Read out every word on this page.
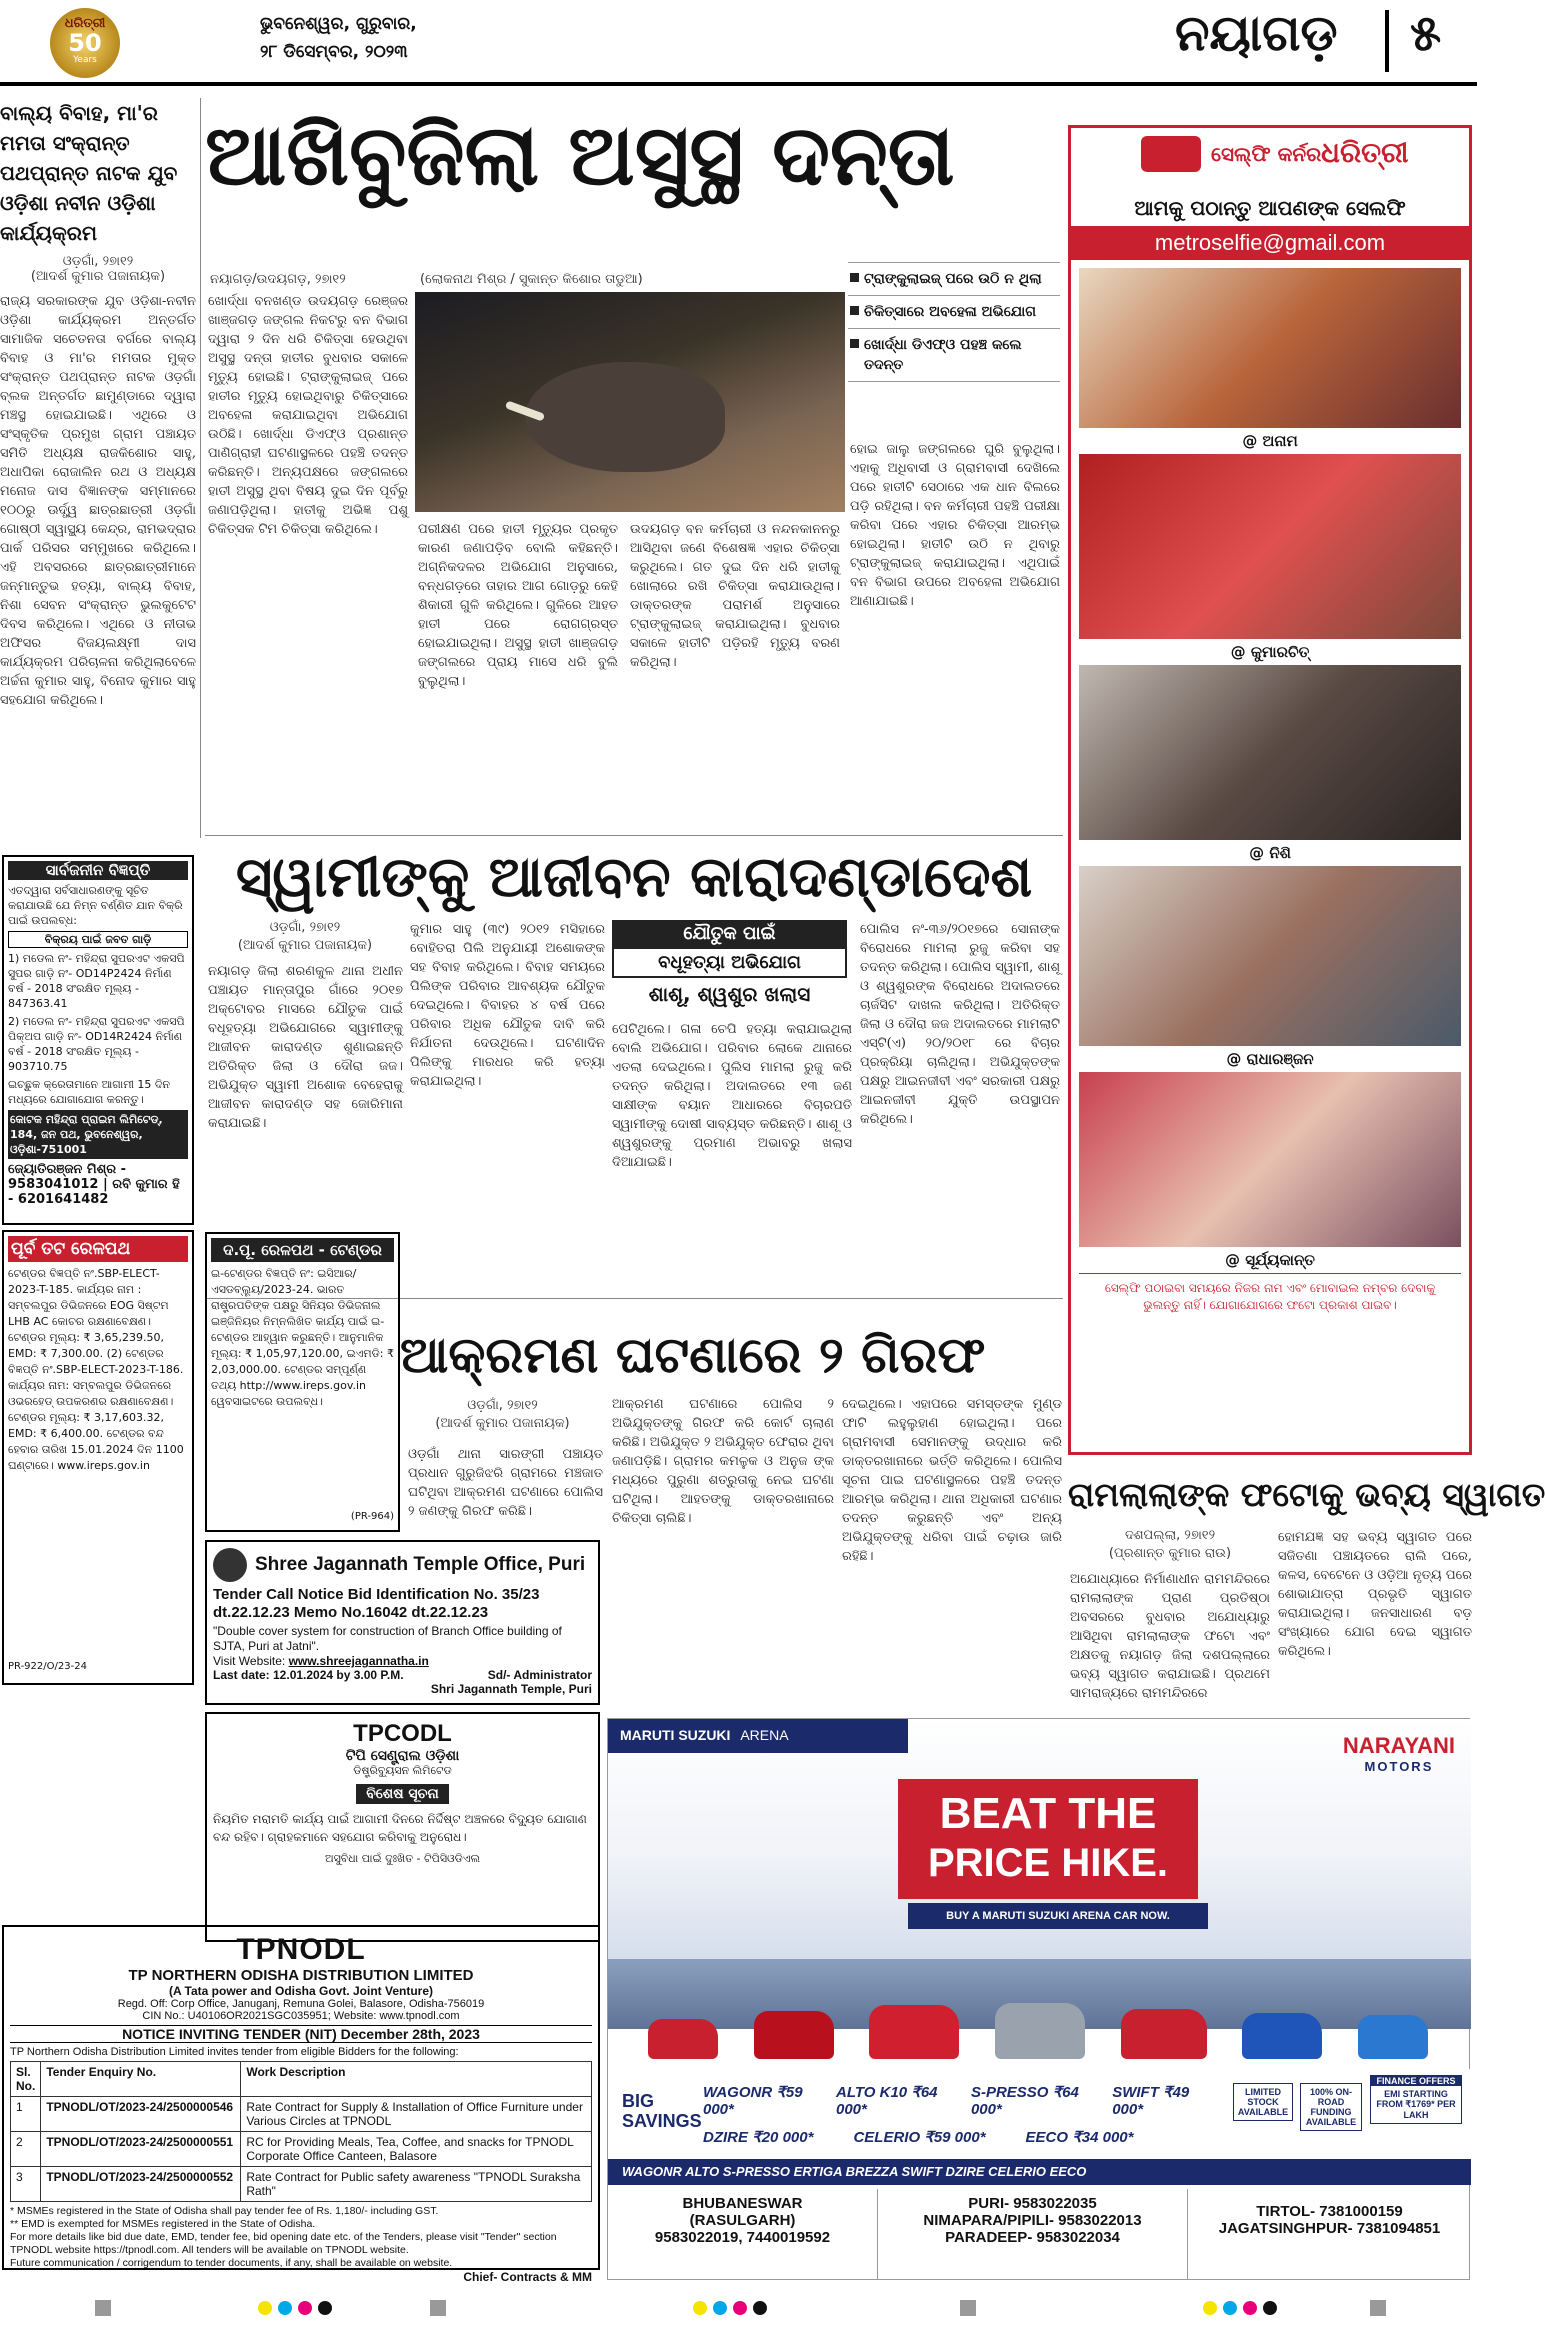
ଧରିତ୍ରୀ
50
Years
ଭୁବନେଶ୍ୱର, ଗୁରୁବାର,
୨୮ ଡିସେମ୍ବର, ୨୦୨୩	ନୟାଗଡ଼ ୫
ବାଲ୍ୟ ବିବାହ, ମା'ର ମମତା ସଂକ୍ରାନ୍ତ ପଥପ୍ରାନ୍ତ ନାଟକ ଯୁବ ଓଡ଼ିଶା ନବୀନ ଓଡ଼ିଶା କାର୍ଯ୍ୟକ୍ରମ
ଓଡ଼ଗାଁ, ୨୭ା୧୨
(ଆଦର୍ଶ କୁମାର ପଜାନାୟକ)
ରାଜ୍ୟ ସରକାରଙ୍କ ଯୁବ ଓଡ଼ିଶା-ନବୀନ ଓଡ଼ିଶା କାର୍ଯ୍ୟକ୍ରମ ଅନ୍ତର୍ଗତ ସାମାଜିକ ସଚେତନତା ବର୍ଗରେ ବାଲ୍ୟ ବିବାହ ଓ ମା'ର ମମତାର ମୁକ୍ତ ସଂକ୍ରାନ୍ତ ପଥପ୍ରାନ୍ତ ନାଟକ ଓଡ଼ଗାଁ ବ୍ଲକ ଅନ୍ତର୍ଗତ ଛାମୁଣ୍ଡାରେ ଦ୍ୱାରା ମଞ୍ଚସ୍ଥ ହୋଇଯାଇଛି। ଏଥିରେ ଓ ସଂସ୍କୃତିକ ପ୍ରମୁଖ ଗ୍ରାମ ପଞ୍ଚାୟତ ସମିତି ଅଧ୍ୟକ୍ଷ ରାଜକିଶୋର ସାହୁ, ଅଧାପିକା ରୋଜାଲିନ ରଥ ଓ ଅଧ୍ୟକ୍ଷ ମନୋଜ ଦାସ ବିଜ୍ଞାନଙ୍କ ସମ୍ମାନରେ ୧୦୦ରୁ ଊର୍ଦ୍ଧ୍ୱ ଛାତ୍ରଛାତ୍ରୀ ଓଡ଼ଗାଁ ଗୋଷ୍ଠୀ ସ୍ୱାସ୍ଥ୍ୟ କେନ୍ଦ୍ର, ରାମଭଦ୍ରାର ପାର୍କ ପରିସର ସମ୍ମୁଖରେ କରିଥିଲେ। ଏହି ଅବସରରେ ଛାତ୍ରଛାତ୍ରୀମାନେ ଜନ୍ମାନ୍ତୁଭ ହତ୍ୟା, ବାଲ୍ୟ ବିବାହ, ନିଶା ସେବନ ସଂକ୍ରାନ୍ତ ଭୁଲକୁଟେଟ ଦିବସ କରିଥିଲେ। ଏଥିରେ ଓ ନୀତାଭ ଅଫିସର ବିଜୟଲକ୍ଷ୍ମୀ ଦାସ କାର୍ଯ୍ୟକ୍ରମ ପରିଚାଳନା କରିଥିଲାବେଳେ ଅର୍ଚ୍ଚନା କୁମାର ସାହୁ, ବିନୋଦ କୁମାର ସାହୁ ସହଯୋଗ କରିଥିଲେ।
ଆଖିବୁଜିଲା ଅସୁସ୍ଥ ଦନ୍ତା
ନୟାଗଡ଼/ଉଦୟଗଡ଼, ୨୭ା୧୨	(ଲୋକନାଥ ମିଶ୍ର / ସୁକାନ୍ତ କିଶୋର ତାଡୁଆ)	ଟ୍ରାଙ୍କୁଲାଇଜ୍ ପରେ ଉଠି ନ ଥିଲା
ଚିକିତ୍ସାରେ ଅବହେଳା ଅଭିଯୋଗ
ଖୋର୍ଦ୍ଧା ଡିଏଫ୍ଓ ପହଞ୍ଚ କଲେ ତଦନ୍ତ
ଖୋର୍ଦ୍ଧା ବନଖଣ୍ଡ ଉଦୟଗଡ଼ ରେଞ୍ଜର ଖାଞ୍ଜଗଡ଼ ଜଙ୍ଗଲ ନିକଟରୁ ବନ ବିଭାଗ ଦ୍ୱାରା ୨ ଦିନ ଧରି ଚିକିତ୍ସା ହେଉଥିବା ଅସୁସ୍ଥ ଦନ୍ତା ହାତୀର ବୁଧବାର ସକାଳେ ମୃତ୍ୟୁ ହୋଇଛି। ଟ୍ରାଙ୍କୁଲାଇଜ୍ ପରେ ହାତୀର ମୃତ୍ୟୁ ହୋଇଥିବାରୁ ଚିକିତ୍ସାରେ ଅବହେଳା କରାଯାଇଥିବା ଅଭିଯୋଗ ଉଠିଛି। ଖୋର୍ଦ୍ଧା ଡିଏଫ୍ଓ ପ୍ରଶାନ୍ତ ପାଣିଗ୍ରାହୀ ଘଟଣାସ୍ଥଳରେ ପହଞ୍ଚି ତଦନ୍ତ କରିଛନ୍ତି। ଅନ୍ୟପକ୍ଷରେ ଜଙ୍ଗଲରେ ହାତୀ ଅସୁସ୍ଥ ଥିବା ବିଷୟ ଦୁଇ ଦିନ ପୂର୍ବରୁ ଜଣାପଡ଼ିଥିଲା। ହାତୀକୁ ଅଭିଜ୍ଞ ପଶୁ ଚିକିତ୍ସକ ଟିମ ଚିକିତ୍ସା କରିଥିଲେ।	ପରୀକ୍ଷଣ ପରେ ହାତୀ ମୃତ୍ୟୁର ପ୍ରକୃତ କାରଣ ଜଣାପଡ଼ିବ ବୋଲି କହିଛନ୍ତି। ଅଗ୍ନିକଦଳର ଅଭିଯୋଗ ଅନୁସାରେ, ବନ୍ଧଗଡ଼ରେ ତାହାର ଆଗ ଗୋଡ଼ରୁ କେହି ଶିକାରୀ ଗୁଳି କରିଥିଲେ। ଗୁଳିରେ ଆହତ ହାତୀ ପରେ ରୋଗଗ୍ରସ୍ତ ହୋଇଯାଇଥିଲା। ଅସୁସ୍ଥ ହାତୀ ଖାଞ୍ଜଗଡ଼ ଜଙ୍ଗଲରେ ପ୍ରାୟ ମାସେ ଧରି ବୁଲି ବୁଲୁଥିଲା।
ଉଦୟଗଡ଼ ବନ କର୍ମଚାରୀ ଓ ନନ୍ଦନକାନନରୁ ଆସିଥିବା ଜଣେ ବିଶେଷଜ୍ଞ ଏହାର ଚିକିତ୍ସା କରୁଥିଲେ। ଗତ ଦୁଇ ଦିନ ଧରି ହାତୀକୁ ଖୋଲାରେ ରଖି ଚିକିତ୍ସା କରାଯାଉଥିଲା। ଡାକ୍ତରଙ୍କ ପରାମର୍ଶ ଅନୁସାରେ ଟ୍ରାଙ୍କୁଲାଇଜ୍ କରାଯାଇଥିଲା। ବୁଧବାର ସକାଳେ ହାତୀଟି ପଡ଼ିରହି ମୃତ୍ୟୁ ବରଣ କରିଥିଲା।
ହୋଇ ଜାଲୁ ଜଙ୍ଗଲରେ ଘୁରି ବୁଲୁଥିଲା। ଏହାକୁ ଅଧିବାସୀ ଓ ଗ୍ରାମବାସୀ ଦେଖିଲେ ପରେ ହାତୀଟି ସେଠାରେ ଏକ ଧାନ ବିଲରେ ପଡ଼ି ରହିଥିଲା। ବନ କର୍ମଚାରୀ ପହଞ୍ଚି ପରୀକ୍ଷା କରିବା ପରେ ଏହାର ଚିକିତ୍ସା ଆରମ୍ଭ ହୋଇଥିଲା। ହାତୀଟି ଉଠି ନ ଥିବାରୁ ଟ୍ରାଙ୍କୁଲାଇଜ୍ କରାଯାଇଥିଲା। ଏଥିପାଇଁ ବନ ବିଭାଗ ଉପରେ ଅବହେଳା ଅଭିଯୋଗ ଆଣାଯାଇଛି।
ସେଲ୍ଫି କର୍ନର ଧରିତ୍ରୀ
ଆମକୁ ପଠାନ୍ତୁ ଆପଣଙ୍କ ସେଲଫି
metroselfie@gmail.com
@ ଅନାମ
@ କୁମାରଚିତ୍
@ ନିଶି
@ ରାଧାରଞ୍ଜନ
@ ସୂର୍ଯ୍ୟକାନ୍ତ
ସେଲ୍ଫି ପଠାଇବା ସମୟରେ ନିଜର ନାମ ଏବଂ ମୋବାଇଲ ନମ୍ବର ଦେବାକୁ ଭୁଲନ୍ତୁ ନାହିଁ। ଯୋଗାଯୋଗରେ ଫଟୋ ପ୍ରକାଶ ପାଇବ।
ସ୍ୱାମୀଙ୍କୁ ଆଜୀବନ କାରାଦଣ୍ଡାଦେଶ
ଓଡ଼ଗାଁ, ୨୭ା୧୨
(ଆଦର୍ଶ କୁମାର ପଜାନାୟକ)
ଯୌତୁକ ପାଇଁ
ବଧୂହତ୍ୟା ଅଭିଯୋଗ
ଶାଶୂ, ଶ୍ୱଶୁର ଖଲାସ
ନୟାଗଡ଼ ଜିଲା ଶରଣକୁଳ ଥାନା ଅଧୀନ ପଞ୍ଚାୟତ ମାନ୍ତାପୁର ଗାଁରେ ୨୦୧୭ ଅକ୍ଟୋବର ମାସରେ ଯୌତୁକ ପାଇଁ ବଧୂହତ୍ୟା ଅଭିଯୋଗରେ ସ୍ୱାମୀଙ୍କୁ ଆଜୀବନ କାରାଦଣ୍ଡ ଶୁଣାଇଛନ୍ତି ଅତିରିକ୍ତ ଜିଲା ଓ ଦୌରା ଜଜ। ଅଭିଯୁକ୍ତ ସ୍ୱାମୀ ଅଶୋକ ବେହେରାକୁ ଆଜୀବନ କାରାଦଣ୍ଡ ସହ ଜୋରିମାନା କରାଯାଇଛି।
କୁମାର ସାହୁ (୩୯) ୨୦୧୨ ମସିହାରେ ବୋହିତରା ପିଲି ଅନୁଯାୟୀ ଅଶୋକଙ୍କ ସହ ବିବାହ କରିଥିଲେ। ବିବାହ ସମୟରେ ପିଲିଙ୍କ ପରିବାର ଆବଶ୍ୟକ ଯୌତୁକ ଦେଇଥିଲେ। ବିବାହର ୪ ବର୍ଷ ପରେ ପରିବାର ଅଧିକ ଯୌତୁକ ଦାବି କରି ନିର୍ଯାତନା ଦେଉଥିଲେ। ଘଟଣାଦିନ ପିଲିଙ୍କୁ ମାରଧର କରି ହତ୍ୟା କରାଯାଇଥିଲା।
ପେଟିଥିଲେ। ଗଳା ଚେପି ହତ୍ୟା କରାଯାଇଥିଲା ବୋଲି ଅଭିଯୋଗ। ପରିବାର ଲୋକେ ଥାନାରେ ଏତଲା ଦେଇଥିଲେ। ପୁଲିସ ମାମଲା ରୁଜୁ କରି ତଦନ୍ତ କରିଥିଲା। ଅଦାଲତରେ ୧୩ ଜଣ ସାକ୍ଷୀଙ୍କ ବୟାନ ଆଧାରରେ ବିଚାରପତି ସ୍ୱାମୀଙ୍କୁ ଦୋଷୀ ସାବ୍ୟସ୍ତ କରିଛନ୍ତି। ଶାଶୂ ଓ ଶ୍ୱଶୁରଙ୍କୁ ପ୍ରମାଣ ଅଭାବରୁ ଖଲାସ ଦିଆଯାଇଛି।
ପୋଲିସ ନଂ-୩୬/୨୦୧୭ରେ ସୋନାଙ୍କ ବିରୋଧରେ ମାମଲା ରୁଜୁ କରିବା ସହ ତଦନ୍ତ କରିଥିଲା। ପୋଲିସ ସ୍ୱାମୀ, ଶାଶୂ ଓ ଶ୍ୱଶୁରଙ୍କ ବିରୋଧରେ ଅଦାଲତରେ ଚାର୍ଜସିଟ ଦାଖଲ କରିଥିଲା। ଅତିରିକ୍ତ ଜିଲା ଓ ଦୌରା ଜଜ ଅଦାଲତରେ ମାମଲାଟି ଏସ୍ଟି(ଏ) ୨୦/୨୦୧୮ ରେ ବିଚାର ପ୍ରକ୍ରିୟା ଚାଲିଥିଲା। ଅଭିଯୁକ୍ତଙ୍କ ପକ୍ଷରୁ ଆଇନଜୀବୀ ଏବଂ ସରକାରୀ ପକ୍ଷରୁ ଆଇନଜୀବୀ ଯୁକ୍ତି ଉପସ୍ଥାପନ କରିଥିଲେ।
ସାର୍ବଜନୀନ ବିଜ୍ଞପ୍ତି
ଏତଦ୍ୱାରା ସର୍ବସାଧାରଣଙ୍କୁ ସୂଚିତ କରାଯାଉଛି ଯେ ନିମ୍ନ ବର୍ଣ୍ଣିତ ଯାନ ବିକ୍ରି ପାଇଁ ଉପଲବ୍ଧ:
ବିକ୍ରୟ ପାଇଁ ଜବତ ଗାଡ଼ି
1) ମଡେଲ ନଂ- ମହିନ୍ଦ୍ରା ସୁପରଏଟ ଏକସପି ସୁପର ଗାଡ଼ି ନଂ- OD14P2424 ନିର୍ମାଣ ବର୍ଷ - 2018 ସଂରକ୍ଷିତ ମୂଲ୍ୟ - 847363.41
2) ମଡେଲ ନଂ- ମହିନ୍ଦ୍ରା ସୁପରଏଟ ଏକସପି ପିକ୍ଅପ ଗାଡ଼ି ନଂ- OD14R2424 ନିର୍ମାଣ ବର୍ଷ - 2018 ସଂରକ୍ଷିତ ମୂଲ୍ୟ - 903710.75
ଇଚ୍ଛୁକ କ୍ରେତାମାନେ ଆଗାମୀ 15 ଦିନ ମଧ୍ୟରେ ଯୋଗାଯୋଗ କରନ୍ତୁ।
କୋଟକ ମହିନ୍ଦ୍ରା ପ୍ରାଇମ ଲିମିଟେଡ୍, 184, ଜନ ପଥ, ଭୁବନେଶ୍ୱର, ଓଡ଼ିଶା-751001
ଜ୍ୟୋତିରଞ୍ଜନ ମିଶ୍ର - 9583041012 | ରବି କୁମାର ହି - 6201641482
ପୂର୍ବ ତଟ ରେଳପଥ
ଟେଣ୍ଡର ବିଜ୍ଞପ୍ତି ନଂ.SBP-ELECT-2023-T-185. କାର୍ଯ୍ୟର ନାମ : ସମ୍ବଲପୁର ଡିଭିଜନରେ EOG ସିଷ୍ଟମ LHB AC କୋଚର ରକ୍ଷଣାବେକ୍ଷଣ। ଟେଣ୍ଡର ମୂଲ୍ୟ: ₹ 3,65,239.50, EMD: ₹ 7,300.00. (2) ଟେଣ୍ଡର ବିଜ୍ଞପ୍ତି ନଂ.SBP-ELECT-2023-T-186. କାର୍ଯ୍ୟର ନାମ: ସମ୍ବଲପୁର ଡିଭିଜନରେ ଓଭରହେଡ୍ ଉପକରଣର ରକ୍ଷଣାବେକ୍ଷଣ। ଟେଣ୍ଡର ମୂଲ୍ୟ: ₹ 3,17,603.32, EMD: ₹ 6,400.00. ଟେଣ୍ଡର ବନ୍ଦ ହେବାର ତାରିଖ 15.01.2024 ଦିନ 1100 ଘଣ୍ଟାରେ। www.ireps.gov.in
PR-922/O/23-24
ଆକ୍ରମଣ ଘଟଣାରେ ୨ ଗିରଫ
ଓଡ଼ଗାଁ, ୨୭ା୧୨
(ଆଦର୍ଶ କୁମାର ପଜାନାୟକ)
ଓଡ଼ଗାଁ ଥାନା ସାରଙ୍ଗୀ ପଞ୍ଚାୟତ ପ୍ରଧାନ ଗୁରୁଜିଝରି ଗ୍ରାମରେ ମଞ୍ଚଜାତ ଘଟିଥିବା ଆକ୍ରମଣ ଘଟଣାରେ ପୋଲିସ ୨ ଜଣଙ୍କୁ ଗିରଫ କରିଛି।
ଆକ୍ରମଣ ଘଟଣାରେ ପୋଲିସ ୨ ଅଭିଯୁକ୍ତଙ୍କୁ ଗିରଫ କରି କୋର୍ଟ ଚାଲାଣ କରିଛି। ଅଭିଯୁକ୍ତ ୨ ଅଭିଯୁକ୍ତ ଫେରାର ଥିବା ଜଣାପଡ଼ିଛି। ଗ୍ରାମର କମଳୁକ ଓ ଅନୁଜ ଙ୍କ ମଧ୍ୟରେ ପୁରୁଣା ଶତ୍ରୁତାକୁ ନେଇ ଘଟଣା ଘଟିଥିଲା। ଆହତଙ୍କୁ ଡାକ୍ତରଖାନାରେ ଚିକିତ୍ସା ଚାଲିଛି।
ଦେଇଥିଲେ। ଏହାପରେ ସମସ୍ତଙ୍କ ମୁଣ୍ଡ ଫାଟି ଲହୁଲୁହାଣ ହୋଇଥିଲା। ପରେ ଗ୍ରାମବାସୀ ସେମାନଙ୍କୁ ଉଦ୍ଧାର କରି ଡାକ୍ତରଖାନାରେ ଭର୍ତ୍ତି କରିଥିଲେ। ପୋଲିସ ସୂଚନା ପାଇ ଘଟଣାସ୍ଥଳରେ ପହଞ୍ଚି ତଦନ୍ତ ଆରମ୍ଭ କରିଥିଲା। ଥାନା ଅଧିକାରୀ ଘଟଣାର ତଦନ୍ତ କରୁଛନ୍ତି ଏବଂ ଅନ୍ୟ ଅଭିଯୁକ୍ତଙ୍କୁ ଧରିବା ପାଇଁ ଚଢ଼ାଉ ଜାରି ରହିଛି।
ଦ.ପୂ. ରେଳପଥ - ଟେଣ୍ଡର
ଇ-ଟେଣ୍ଡର ବିଜ୍ଞପ୍ତି ନଂ: ଇସିଆର/ଏସଡବ୍ଲ୍ୟୁ/2023-24. ଭାରତ ରାଷ୍ଟ୍ରପତିଙ୍କ ପକ୍ଷରୁ ସିନିୟର ଡିଭିଜନାଲ ଇଞ୍ଜିନିୟର ନିମ୍ନଲିଖିତ କାର୍ଯ୍ୟ ପାଇଁ ଇ-ଟେଣ୍ଡର ଆହ୍ୱାନ କରୁଛନ୍ତି। ଆନୁମାନିକ ମୂଲ୍ୟ: ₹ 1,05,97,120.00, ଇଏମଡି: ₹ 2,03,000.00. ଟେଣ୍ଡର ସମ୍ପୂର୍ଣ୍ଣ ତଥ୍ୟ http://www.ireps.gov.in ୱେବସାଇଟରେ ଉପଲବ୍ଧ।
(PR-964)
Shree Jagannath Temple Office, Puri
Tender Call Notice Bid Identification No. 35/23 dt.22.12.23 Memo No.16042 dt.22.12.23
"Double cover system for construction of Branch Office building of SJTA, Puri at Jatni".
Visit Website: www.shreejagannatha.in
Last date: 12.01.2024 by 3.00 P.M.	Sd/- Administrator
Shri Jagannath Temple, Puri
ରାମଲାଲାଙ୍କ ଫଟୋକୁ ଭବ୍ୟ ସ୍ୱାଗତ
ଦଶପଲ୍ଲା, ୨୭ା୧୨
(ପ୍ରଶାନ୍ତ କୁମାର ରାଉ)
ଅଯୋଧ୍ୟାରେ ନିର୍ମାଣାଧୀନ ରାମମନ୍ଦିରରେ ରାମଲାଲାଙ୍କ ପ୍ରାଣ ପ୍ରତିଷ୍ଠା ଅବସରରେ ବୁଧବାର ଅଯୋଧ୍ୟାରୁ ଆସିଥିବା ରାମଲାଲାଙ୍କ ଫଟୋ ଏବଂ ଅକ୍ଷତକୁ ନୟାଗଡ଼ ଜିଲା ଦଶପଲ୍ଲାରେ ଭବ୍ୟ ସ୍ୱାଗତ କରାଯାଇଛି। ପ୍ରଥମେ ସାମରାଜ୍ୟରେ ରାମମନ୍ଦିରରେ
ହୋମଯଜ୍ଞ ସହ ଭବ୍ୟ ସ୍ୱାଗତ ପରେ ସଜିତଣା ପଞ୍ଚାୟତରେ ରାଲି ପରେ, କଳସ, ବେଟେନେ ଓ ଓଡ଼ିଆ ନୃତ୍ୟ ପରେ ଶୋଭାଯାତ୍ରା ପ୍ରଭୃତି ସ୍ୱାଗତ କରାଯାଇଥିଲା। ଜନସାଧାରଣ ବଡ଼ ସଂଖ୍ୟାରେ ଯୋଗ ଦେଇ ସ୍ୱାଗତ କରିଥିଲେ।
TPCODL
ଟିପି ସେଣ୍ଟ୍ରାଲ ଓଡ଼ିଶା
ଡିଷ୍ଟ୍ରିବ୍ୟୁସନ ଲିମିଟେଡ
ବିଶେଷ ସୂଚନା
ନିୟମିତ ମରାମତି କାର୍ଯ୍ୟ ପାଇଁ ଆଗାମୀ ଦିନରେ ନିର୍ଦ୍ଦିଷ୍ଟ ଅଞ୍ଚଳରେ ବିଦ୍ୟୁତ ଯୋଗାଣ ବନ୍ଦ ରହିବ। ଗ୍ରାହକମାନେ ସହଯୋଗ କରିବାକୁ ଅନୁରୋଧ।
ଅସୁବିଧା ପାଇଁ ଦୁଃଖିତ - ଟିପିସିଓଡିଏଲ
TPNODL
TP NORTHERN ODISHA DISTRIBUTION LIMITED
(A Tata power and Odisha Govt. Joint Venture)
Regd. Off: Corp Office, Januganj, Remuna Golei, Balasore, Odisha-756019
CIN No.: U40106OR2021SGC035951; Website: www.tpnodl.com
NOTICE INVITING TENDER (NIT) December 28th, 2023
TP Northern Odisha Distribution Limited invites tender from eligible Bidders for the following:
Sl. No.	Tender Enquiry No.	Work Description
1	TPNODL/OT/2023-24/2500000546	Rate Contract for Supply & Installation of Office Furniture under Various Circles at TPNODL
2	TPNODL/OT/2023-24/2500000551	RC for Providing Meals, Tea, Coffee, and snacks for TPNODL Corporate Office Canteen, Balasore
3	TPNODL/OT/2023-24/2500000552	Rate Contract for Public safety awareness "TPNODL Suraksha Rath"
* MSMEs registered in the State of Odisha shall pay tender fee of Rs. 1,180/- including GST.
** EMD is exempted for MSMEs registered in the State of Odisha.
For more details like bid due date, EMD, tender fee, bid opening date etc. of the Tenders, please visit "Tender" section TPNODL website https://tpnodl.com. All tenders will be available on TPNODL website.
Future communication / corrigendum to tender documents, if any, shall be available on website.
Chief- Contracts & MM
MARUTI SUZUKI ARENA	NARAYANI
MOTORS
BEAT THE
PRICE HIKE.
BUY A MARUTI SUZUKI ARENA CAR NOW.
BIG
SAVINGS
WAGONR ₹59 000*
ALTO K10 ₹64 000*
S-PRESSO ₹64 000*
SWIFT ₹49 000*
DZIRE ₹20 000*	CELERIO ₹59 000*	EECO ₹34 000*
LIMITED STOCK AVAILABLE
100% ON-ROAD FUNDING AVAILABLE
FINANCE OFFERS
EMI STARTING FROM ₹1769* PER LAKH
WAGONR ALTO S-PRESSO ERTIGA BREZZA SWIFT DZIRE CELERIO EECO
BHUBANESWAR
(RASULGARH)
9583022019, 7440019592
PURI- 9583022035
NIMAPARA/PIPILI- 9583022013
PARADEEP- 9583022034
TIRTOL- 7381000159
JAGATSINGHPUR- 7381094851
